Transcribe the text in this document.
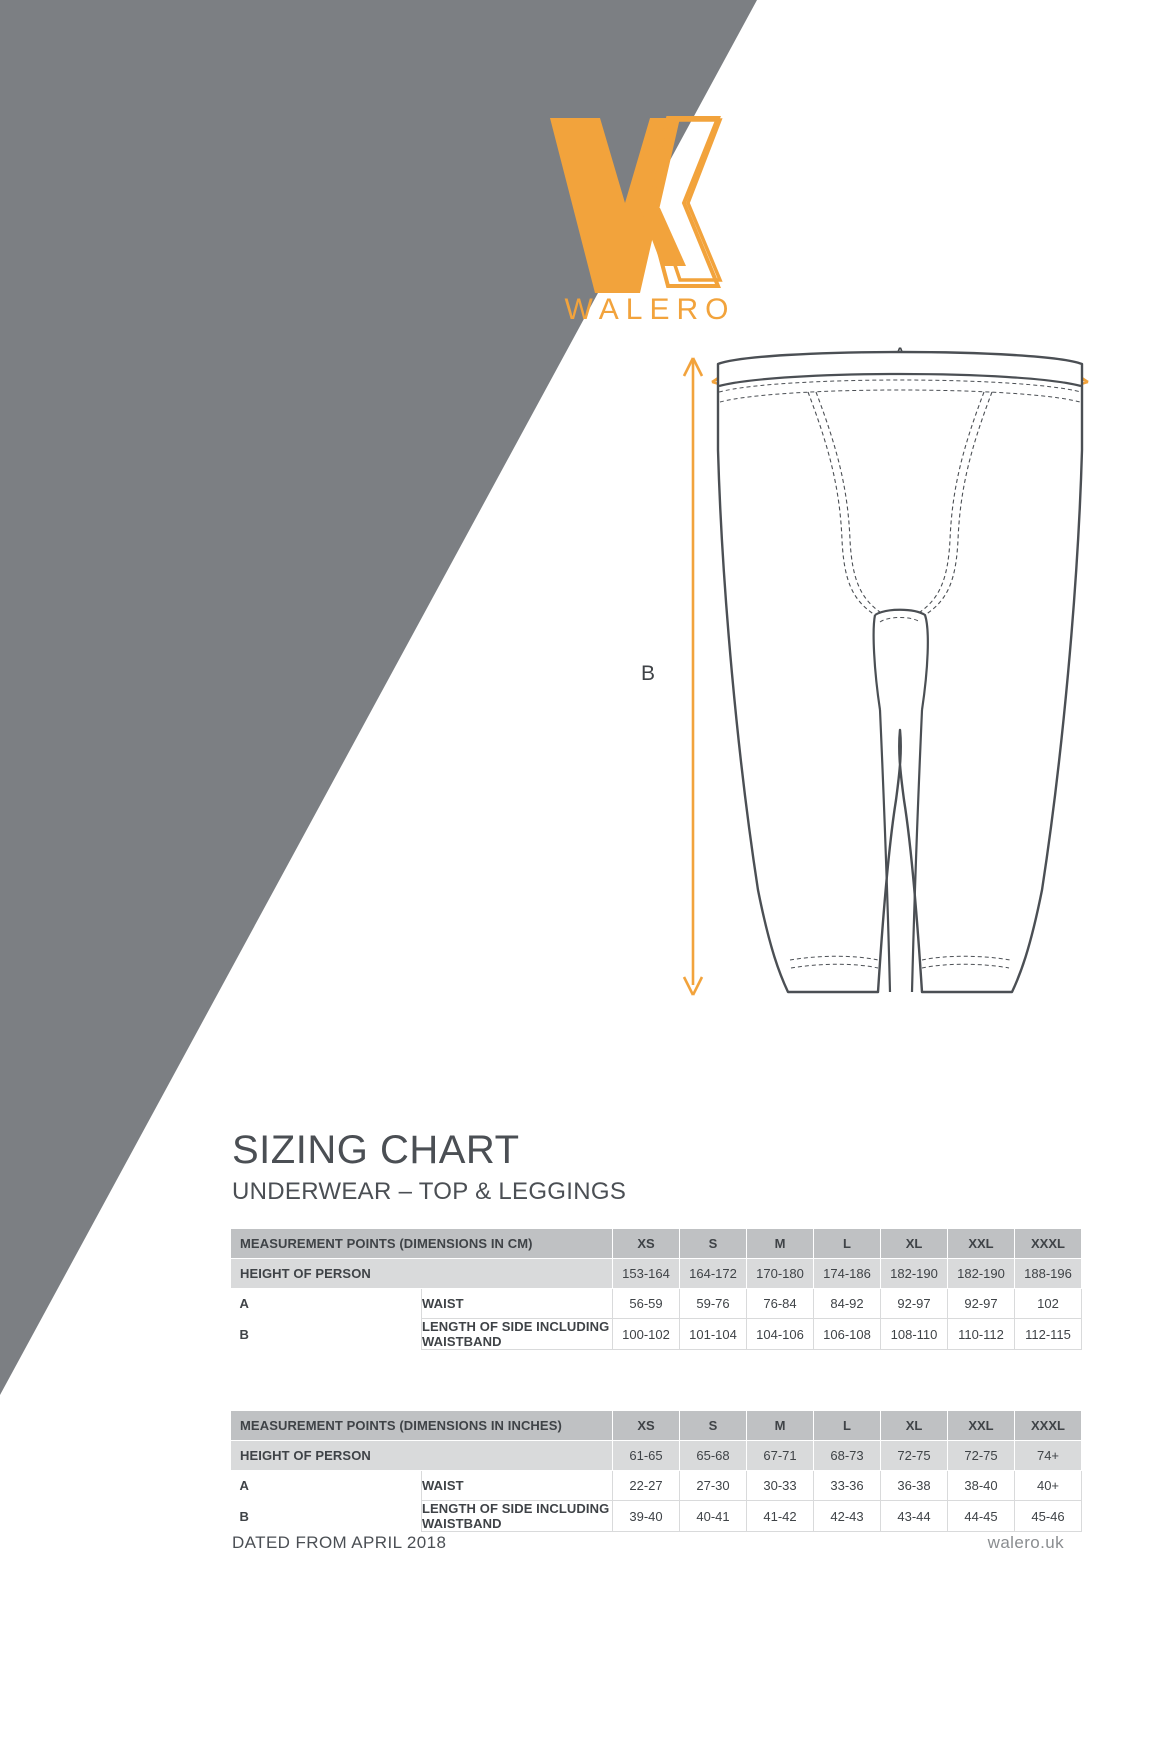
WALERO
B
SIZING CHART
UNDERWEAR – TOP & LEGGINGS
MEASUREMENT POINTS (DIMENSIONS IN CM)		XS	S	M	L	XL	XXL	XXXL
HEIGHT OF PERSON		153-164	164-172	170-180	174-186	182-190	182-190	188-196
A	WAIST	56-59	59-76	76-84	84-92	92-97	92-97	102
B	LENGTH OF SIDE INCLUDING WAISTBAND	100-102	101-104	104-106	106-108	108-110	110-112	112-115
MEASUREMENT POINTS (DIMENSIONS IN INCHES)		XS	S	M	L	XL	XXL	XXXL
HEIGHT OF PERSON		61-65	65-68	67-71	68-73	72-75	72-75	74+
A	WAIST	22-27	27-30	30-33	33-36	36-38	38-40	40+
B	LENGTH OF SIDE INCLUDING WAISTBAND	39-40	40-41	41-42	42-43	43-44	44-45	45-46
DATED FROM APRIL 2018	walero.uk
